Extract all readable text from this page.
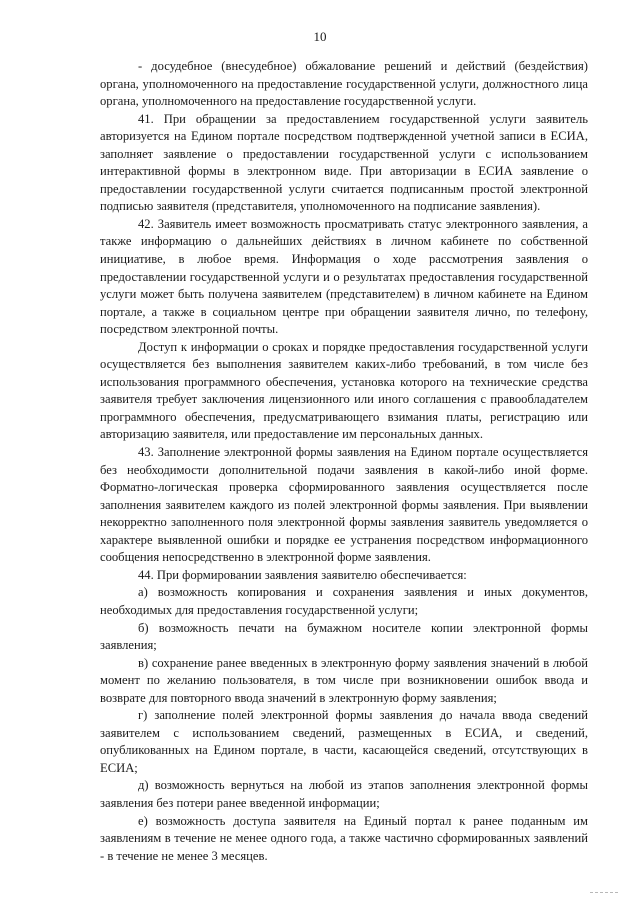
10

- досудебное (внесудебное) обжалование решений и действий (бездействия) органа, уполномоченного на предоставление государственной услуги, должностного лица органа, уполномоченного на предоставление государственной услуги.

41. При обращении за предоставлением государственной услуги заявитель авторизуется на Едином портале посредством подтвержденной учетной записи в ЕСИА, заполняет заявление о предоставлении государственной услуги с использованием интерактивной формы в электронном виде. При авторизации в ЕСИА заявление о предоставлении государственной услуги считается подписанным простой электронной подписью заявителя (представителя, уполномоченного на подписание заявления).

42. Заявитель имеет возможность просматривать статус электронного заявления, а также информацию о дальнейших действиях в личном кабинете по собственной инициативе, в любое время. Информация о ходе рассмотрения заявления о предоставлении государственной услуги и о результатах предоставления государственной услуги может быть получена заявителем (представителем) в личном кабинете на Едином портале, а также в социальном центре при обращении заявителя лично, по телефону, посредством электронной почты.

Доступ к информации о сроках и порядке предоставления государственной услуги осуществляется без выполнения заявителем каких-либо требований, в том числе без использования программного обеспечения, установка которого на технические средства заявителя требует заключения лицензионного или иного соглашения с правообладателем программного обеспечения, предусматривающего взимания платы, регистрацию или авторизацию заявителя, или предоставление им персональных данных.

43. Заполнение электронной формы заявления на Едином портале осуществляется без необходимости дополнительной подачи заявления в какой-либо иной форме. Форматно-логическая проверка сформированного заявления осуществляется после заполнения заявителем каждого из полей электронной формы заявления. При выявлении некорректно заполненного поля электронной формы заявления заявитель уведомляется о характере выявленной ошибки и порядке ее устранения посредством информационного сообщения непосредственно в электронной форме заявления.

44. При формировании заявления заявителю обеспечивается:

а) возможность копирования и сохранения заявления и иных документов, необходимых для предоставления государственной услуги;

б) возможность печати на бумажном носителе копии электронной формы заявления;

в) сохранение ранее введенных в электронную форму заявления значений в любой момент по желанию пользователя, в том числе при возникновении ошибок ввода и возврате для повторного ввода значений в электронную форму заявления;

г) заполнение полей электронной формы заявления до начала ввода сведений заявителем с использованием сведений, размещенных в ЕСИА, и сведений, опубликованных на Едином портале, в части, касающейся сведений, отсутствующих в ЕСИА;

д) возможность вернуться на любой из этапов заполнения электронной формы заявления без потери ранее введенной информации;

е) возможность доступа заявителя на Единый портал к ранее поданным им заявлениям в течение не менее одного года, а также частично сформированных заявлений - в течение не менее 3 месяцев.
